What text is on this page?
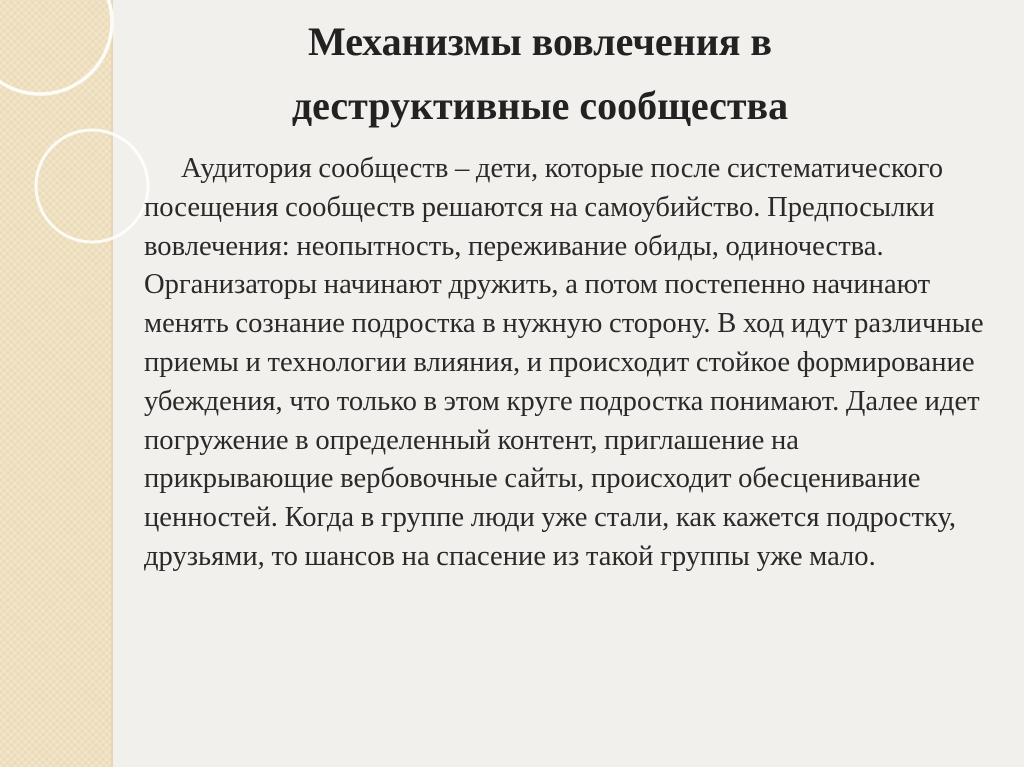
Механизмы вовлечения в
деструктивные сообщества

Аудитория сообществ – дети, которые после систематического посещения сообществ решаются на самоубийство. Предпосылки вовлечения: неопытность, переживание обиды, одиночества. Организаторы начинают дружить, а потом постепенно начинают менять сознание подростка в нужную сторону. В ход идут различные приемы и технологии влияния, и происходит стойкое формирование убеждения, что только в этом круге подростка понимают. Далее идет погружение в определенный контент, приглашение на прикрывающие вербовочные сайты, происходит обесценивание ценностей. Когда в группе люди уже стали, как кажется подростку, друзьями, то шансов на спасение из такой группы уже мало.
